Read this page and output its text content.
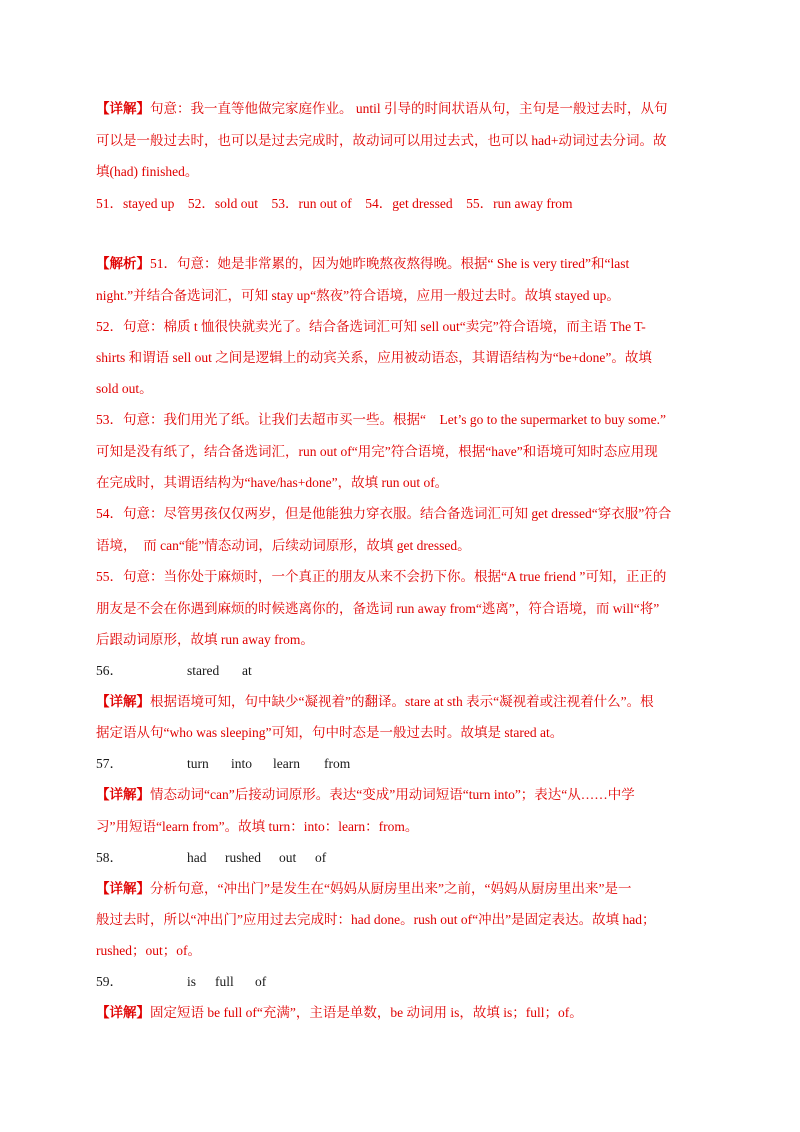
【详解】句意：我一直等他做完家庭作业。 until 引导的时间状语从句，主句是一般过去时，从句
可以是一般过去时，也可以是过去完成时，故动词可以用过去式，也可以 had+动词过去分词。故
填(had) finished。
51．stayed up　52．sold out　53．run out of　54．get dressed　55．run away from
【解析】51．句意：她是非常累的，因为她昨晚熬夜熬得晚。根据“ She is very tired”和“last
night.”并结合备选词汇，可知 stay up“熬夜”符合语境，应用一般过去时。故填 stayed up。
52．句意：棉质 t 恤很快就卖光了。结合备选词汇可知 sell out“卖完”符合语境，而主语 The T-
shirts 和谓语 sell out 之间是逻辑上的动宾关系，应用被动语态，其谓语结构为“be+done”。故填
sold out。
53．句意：我们用光了纸。让我们去超市买一些。根据“　Let’s go to the supermarket to buy some.”
可知是没有纸了，结合备选词汇，run out of“用完”符合语境，根据“have”和语境可知时态应用现
在完成时，其谓语结构为“have/has+done”，故填 run out of。
54．句意：尽管男孩仅仅两岁，但是他能独力穿衣服。结合备选词汇可知 get dressed“穿衣服”符合
语境，　而 can“能”情态动词，后续动词原形，故填 get dressed。
55．句意：当你处于麻烦时，一个真正的朋友从来不会扔下你。根据“A true friend ”可知，正正的
朋友是不会在你遇到麻烦的时候逃离你的，备选词 run away from“逃离”，符合语境，而 will“将”
后跟动词原形，故填 run away from。
56．	stared at
【详解】根据语境可知，句中缺少“凝视着”的翻译。stare at sth 表示“凝视着或注视着什么”。根
据定语从句“who was sleeping”可知，句中时态是一般过去时。故填是 stared at。
57．	turn into learn from
【详解】情态动词“can”后接动词原形。表达“变成”用动词短语“turn into”；表达“从……中学
习”用短语“learn from”。故填 turn：into：learn：from。
58．	had rushed out of
【详解】分析句意，“冲出门”是发生在“妈妈从厨房里出来”之前，“妈妈从厨房里出来”是一
般过去时，所以“冲出门”应用过去完成时：had done。rush out of“冲出”是固定表达。故填 had；
rushed；out；of。
59．	is full of
【详解】固定短语 be full of“充满”，主语是单数，be 动词用 is，故填 is；full；of。
